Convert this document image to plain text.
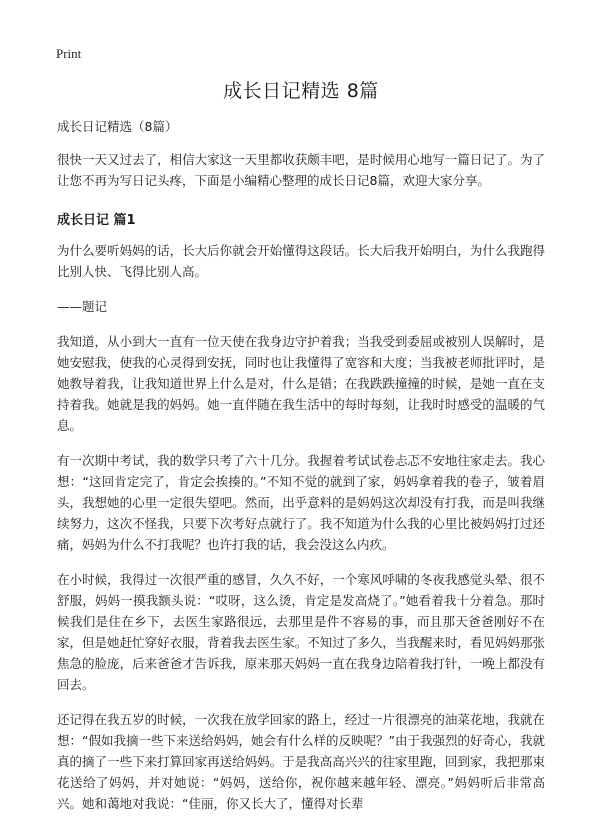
Print
成长日记精选 8篇
成长日记精选（8篇）

很快一天又过去了，相信大家这一天里都收获颇丰吧，是时候用心地写一篇日记了。为了让您不再为写日记头疼，下面是小编精心整理的成长日记8篇，欢迎大家分享。

成长日记 篇1

为什么要听妈妈的话，长大后你就会开始懂得这段话。长大后我开始明白，为什么我跑得比别人快、飞得比别人高。

——题记

我知道，从小到大一直有一位天使在我身边守护着我；当我受到委屈或被别人误解时，是她安慰我，使我的心灵得到安抚，同时也让我懂得了宽容和大度；当我被老师批评时，是她教导着我，让我知道世界上什么是对，什么是错；在我跌跌撞撞的时候，是她一直在支持着我。她就是我的妈妈。她一直伴随在我生活中的每时每刻，让我时时感受的温暖的气息。

有一次期中考试，我的数学只考了六十几分。我握着考试试卷忐忑不安地往家走去。我心想：“这回肯定完了，肯定会挨揍的。”不知不觉的就到了家，妈妈拿着我的卷子，皱着眉头，我想她的心里一定很失望吧。然而，出乎意料的是妈妈这次却没有打我，而是叫我继续努力，这次不怪我，只要下次考好点就行了。我不知道为什么我的心里比被妈妈打过还痛，妈妈为什么不打我呢？也许打我的话，我会没这么内疚。

在小时候，我得过一次很严重的感冒，久久不好，一个寒风呼啸的冬夜我感觉头晕、很不舒服，妈妈一摸我额头说：“哎呀，这么烫，肯定是发高烧了。”她看着我十分着急。那时候我们是住在乡下，去医生家路很远，去那里是件不容易的事，而且那天爸爸刚好不在家，但是她赶忙穿好衣服，背着我去医生家。不知过了多久，当我醒来时，看见妈妈那张焦急的脸庞，后来爸爸才告诉我，原来那天妈妈一直在我身边陪着我打针，一晚上都没有回去。

还记得在我五岁的时候，一次我在放学回家的路上，经过一片很漂亮的油菜花地，我就在想：“假如我摘一些下来送给妈妈，她会有什么样的反映呢？”由于我强烈的好奇心，我就真的摘了一些下来打算回家再送给妈妈。于是我高高兴兴的往家里跑，回到家，我把那束花送给了妈妈，并对她说：“妈妈，送给你，祝你越来越年轻、漂亮。”妈妈听后非常高兴。她和蔼地对我说：“佳丽，你又长大了，懂得对长辈
